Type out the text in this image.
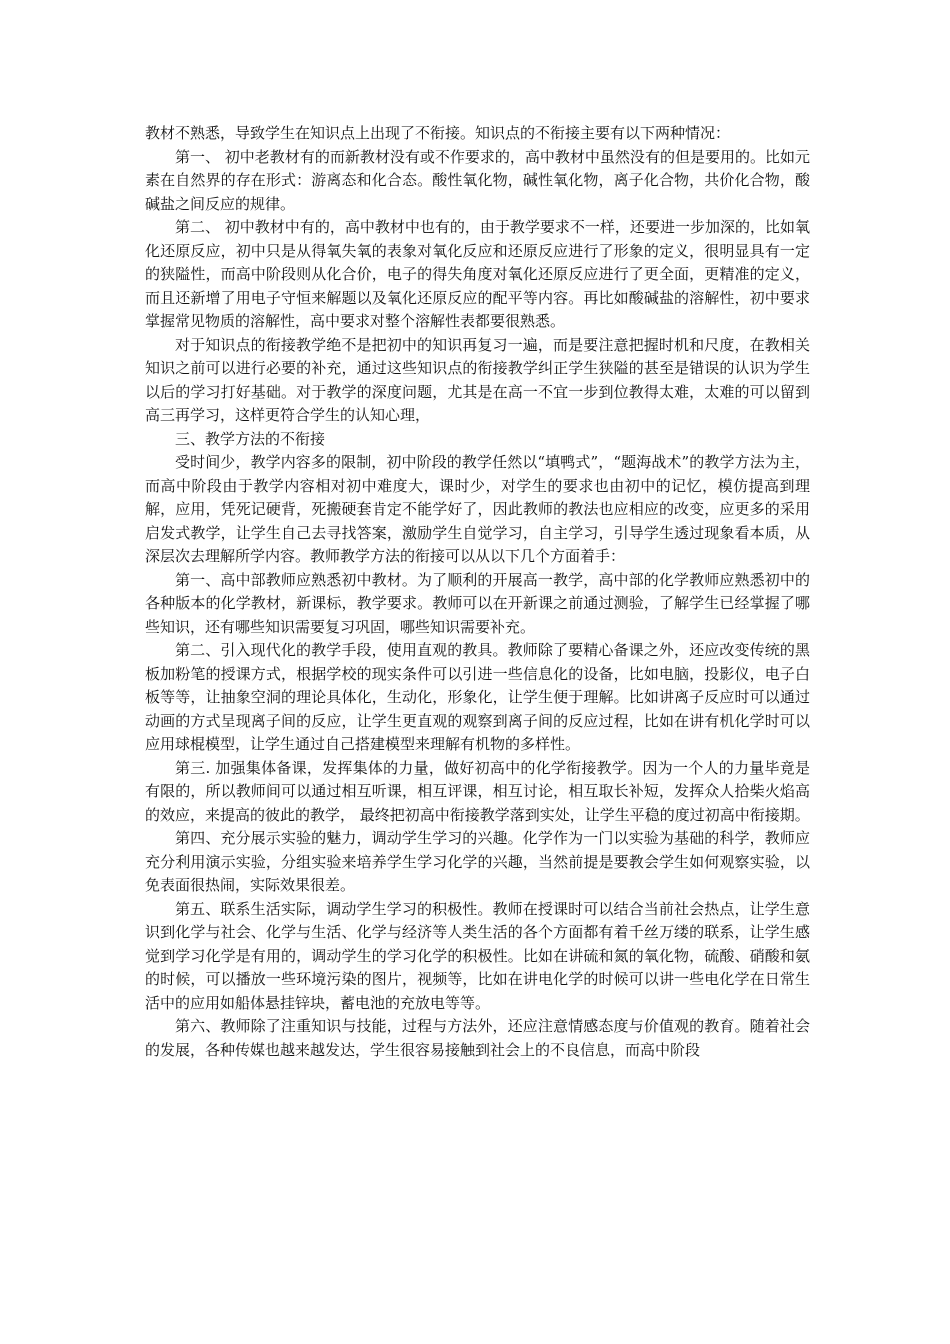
教材不熟悉，导致学生在知识点上出现了不衔接。知识点的不衔接主要有以下两种情况：

第一、 初中老教材有的而新教材没有或不作要求的，高中教材中虽然没有的但是要用的。比如元素在自然界的存在形式：游离态和化合态。酸性氧化物，碱性氧化物，离子化合物，共价化合物，酸碱盐之间反应的规律。

第二、 初中教材中有的，高中教材中也有的，由于教学要求不一样，还要进一步加深的，比如氧化还原反应，初中只是从得氧失氧的表象对氧化反应和还原反应进行了形象的定义，很明显具有一定的狭隘性，而高中阶段则从化合价，电子的得失角度对氧化还原反应进行了更全面，更精准的定义，而且还新增了用电子守恒来解题以及氧化还原反应的配平等内容。再比如酸碱盐的溶解性，初中要求掌握常见物质的溶解性，高中要求对整个溶解性表都要很熟悉。

对于知识点的衔接教学绝不是把初中的知识再复习一遍，而是要注意把握时机和尺度，在教相关知识之前可以进行必要的补充，通过这些知识点的衔接教学纠正学生狭隘的甚至是错误的认识为学生以后的学习打好基础。对于教学的深度问题，尤其是在高一不宜一步到位教得太难，太难的可以留到高三再学习，这样更符合学生的认知心理，

三、教学方法的不衔接

受时间少，教学内容多的限制，初中阶段的教学任然以“填鸭式”，“题海战术”的教学方法为主，而高中阶段由于教学内容相对初中难度大，课时少，对学生的要求也由初中的记忆，模仿提高到理解，应用，凭死记硬背，死搬硬套肯定不能学好了，因此教师的教法也应相应的改变，应更多的采用启发式教学，让学生自己去寻找答案，激励学生自觉学习，自主学习，引导学生透过现象看本质，从深层次去理解所学内容。教师教学方法的衔接可以从以下几个方面着手：

第一、高中部教师应熟悉初中教材。为了顺利的开展高一教学，高中部的化学教师应熟悉初中的各种版本的化学教材，新课标，教学要求。教师可以在开新课之前通过测验，了解学生已经掌握了哪些知识，还有哪些知识需要复习巩固，哪些知识需要补充。

第二、引入现代化的教学手段，使用直观的教具。教师除了要精心备课之外，还应改变传统的黑板加粉笔的授课方式，根据学校的现实条件可以引进一些信息化的设备，比如电脑，投影仪，电子白板等等，让抽象空洞的理论具体化，生动化，形象化，让学生便于理解。比如讲离子反应时可以通过动画的方式呈现离子间的反应，让学生更直观的观察到离子间的反应过程，比如在讲有机化学时可以应用球棍模型，让学生通过自己搭建模型来理解有机物的多样性。

第三. 加强集体备课，发挥集体的力量，做好初高中的化学衔接教学。因为一个人的力量毕竟是有限的，所以教师间可以通过相互听课，相互评课，相互讨论，相互取长补短，发挥众人拾柴火焰高的效应，来提高的彼此的教学， 最终把初高中衔接教学落到实处，让学生平稳的度过初高中衔接期。

第四、充分展示实验的魅力，调动学生学习的兴趣。化学作为一门以实验为基础的科学，教师应充分利用演示实验，分组实验来培养学生学习化学的兴趣，当然前提是要教会学生如何观察实验，以免表面很热闹，实际效果很差。

第五、联系生活实际，调动学生学习的积极性。教师在授课时可以结合当前社会热点，让学生意识到化学与社会、化学与生活、化学与经济等人类生活的各个方面都有着千丝万缕的联系，让学生感觉到学习化学是有用的，调动学生的学习化学的积极性。比如在讲硫和氮的氧化物，硫酸、硝酸和氨的时候，可以播放一些环境污染的图片，视频等，比如在讲电化学的时候可以讲一些电化学在日常生活中的应用如船体悬挂锌块，蓄电池的充放电等等。

第六、教师除了注重知识与技能，过程与方法外，还应注意情感态度与价值观的教育。随着社会的发展，各种传媒也越来越发达，学生很容易接触到社会上的不良信息，而高中阶段
